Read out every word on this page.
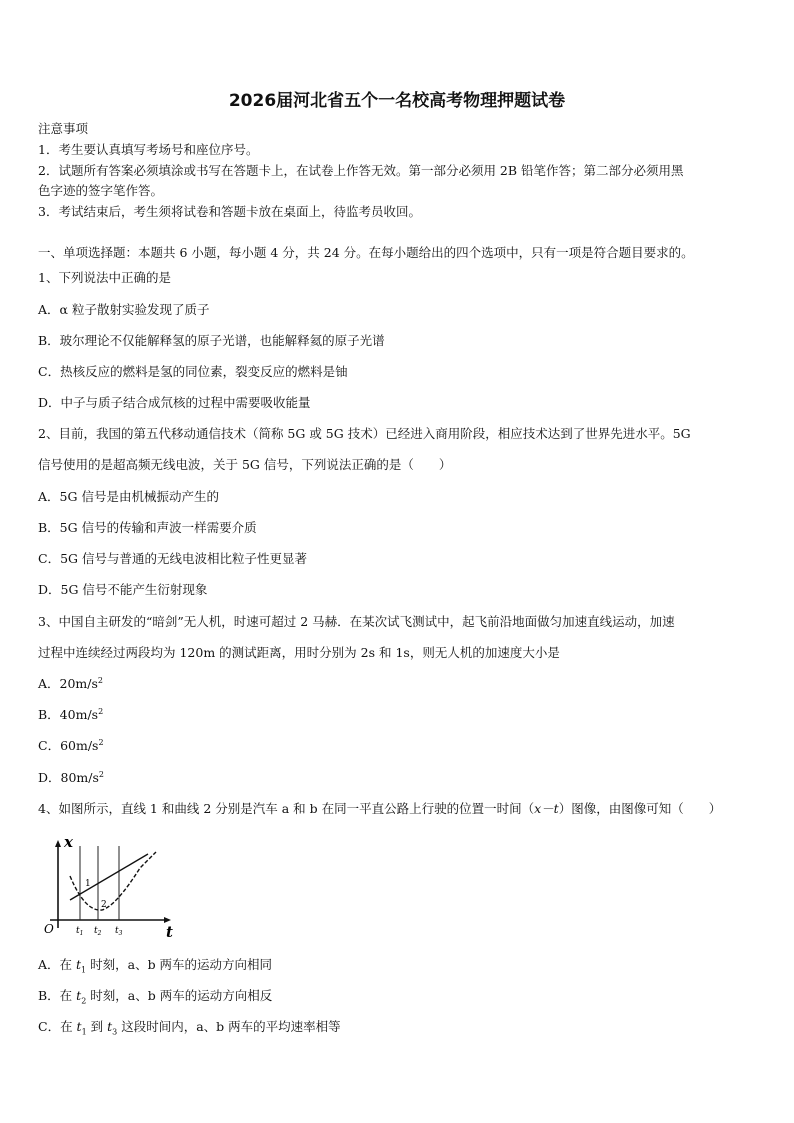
2026届河北省五个一名校高考物理押题试卷
注意事项
1．考生要认真填写考场号和座位序号。
2．试题所有答案必须填涂或书写在答题卡上，在试卷上作答无效。第一部分必须用 2B 铅笔作答；第二部分必须用黑
色字迹的签字笔作答。
3．考试结束后，考生须将试卷和答题卡放在桌面上，待监考员收回。
一、单项选择题：本题共 6 小题，每小题 4 分，共 24 分。在每小题给出的四个选项中，只有一项是符合题目要求的。
1、下列说法中正确的是
A．α 粒子散射实验发现了质子
B．玻尔理论不仅能解释氢的原子光谱，也能解释氦的原子光谱
C．热核反应的燃料是氢的同位素，裂变反应的燃料是铀
D．中子与质子结合成氘核的过程中需要吸收能量
2、目前，我国的第五代移动通信技术（简称 5G 或 5G 技术）已经进入商用阶段，相应技术达到了世界先进水平。5G
信号使用的是超高频无线电波，关于 5G 信号，下列说法正确的是（　　）
A．5G 信号是由机械振动产生的
B．5G 信号的传输和声波一样需要介质
C．5G 信号与普通的无线电波相比粒子性更显著
D．5G 信号不能产生衍射现象
3、中国自主研发的“暗剑”无人机，时速可超过 2 马赫．在某次试飞测试中，起飞前沿地面做匀加速直线运动，加速
过程中连续经过两段均为 120m 的测试距离，用时分别为 2s 和 1s，则无人机的加速度大小是
A．$20m/s^2$
B．$40m/s^2$
C．$60m/s^2$
D．$80m/s^2$
4、如图所示，直线 1 和曲线 2 分别是汽车 a 和 b 在同一平直公路上行驶的位置一时间（x－t）图像，由图像可知（　　）
x
t
O
1
2
$t_1$ $t_2$ $t_3$
A．在 $t_1$ 时刻，a、b 两车的运动方向相同
B．在 $t_2$ 时刻，a、b 两车的运动方向相反
C．在 $t_1$ 到 $t_3$ 这段时间内，a、b 两车的平均速率相等
